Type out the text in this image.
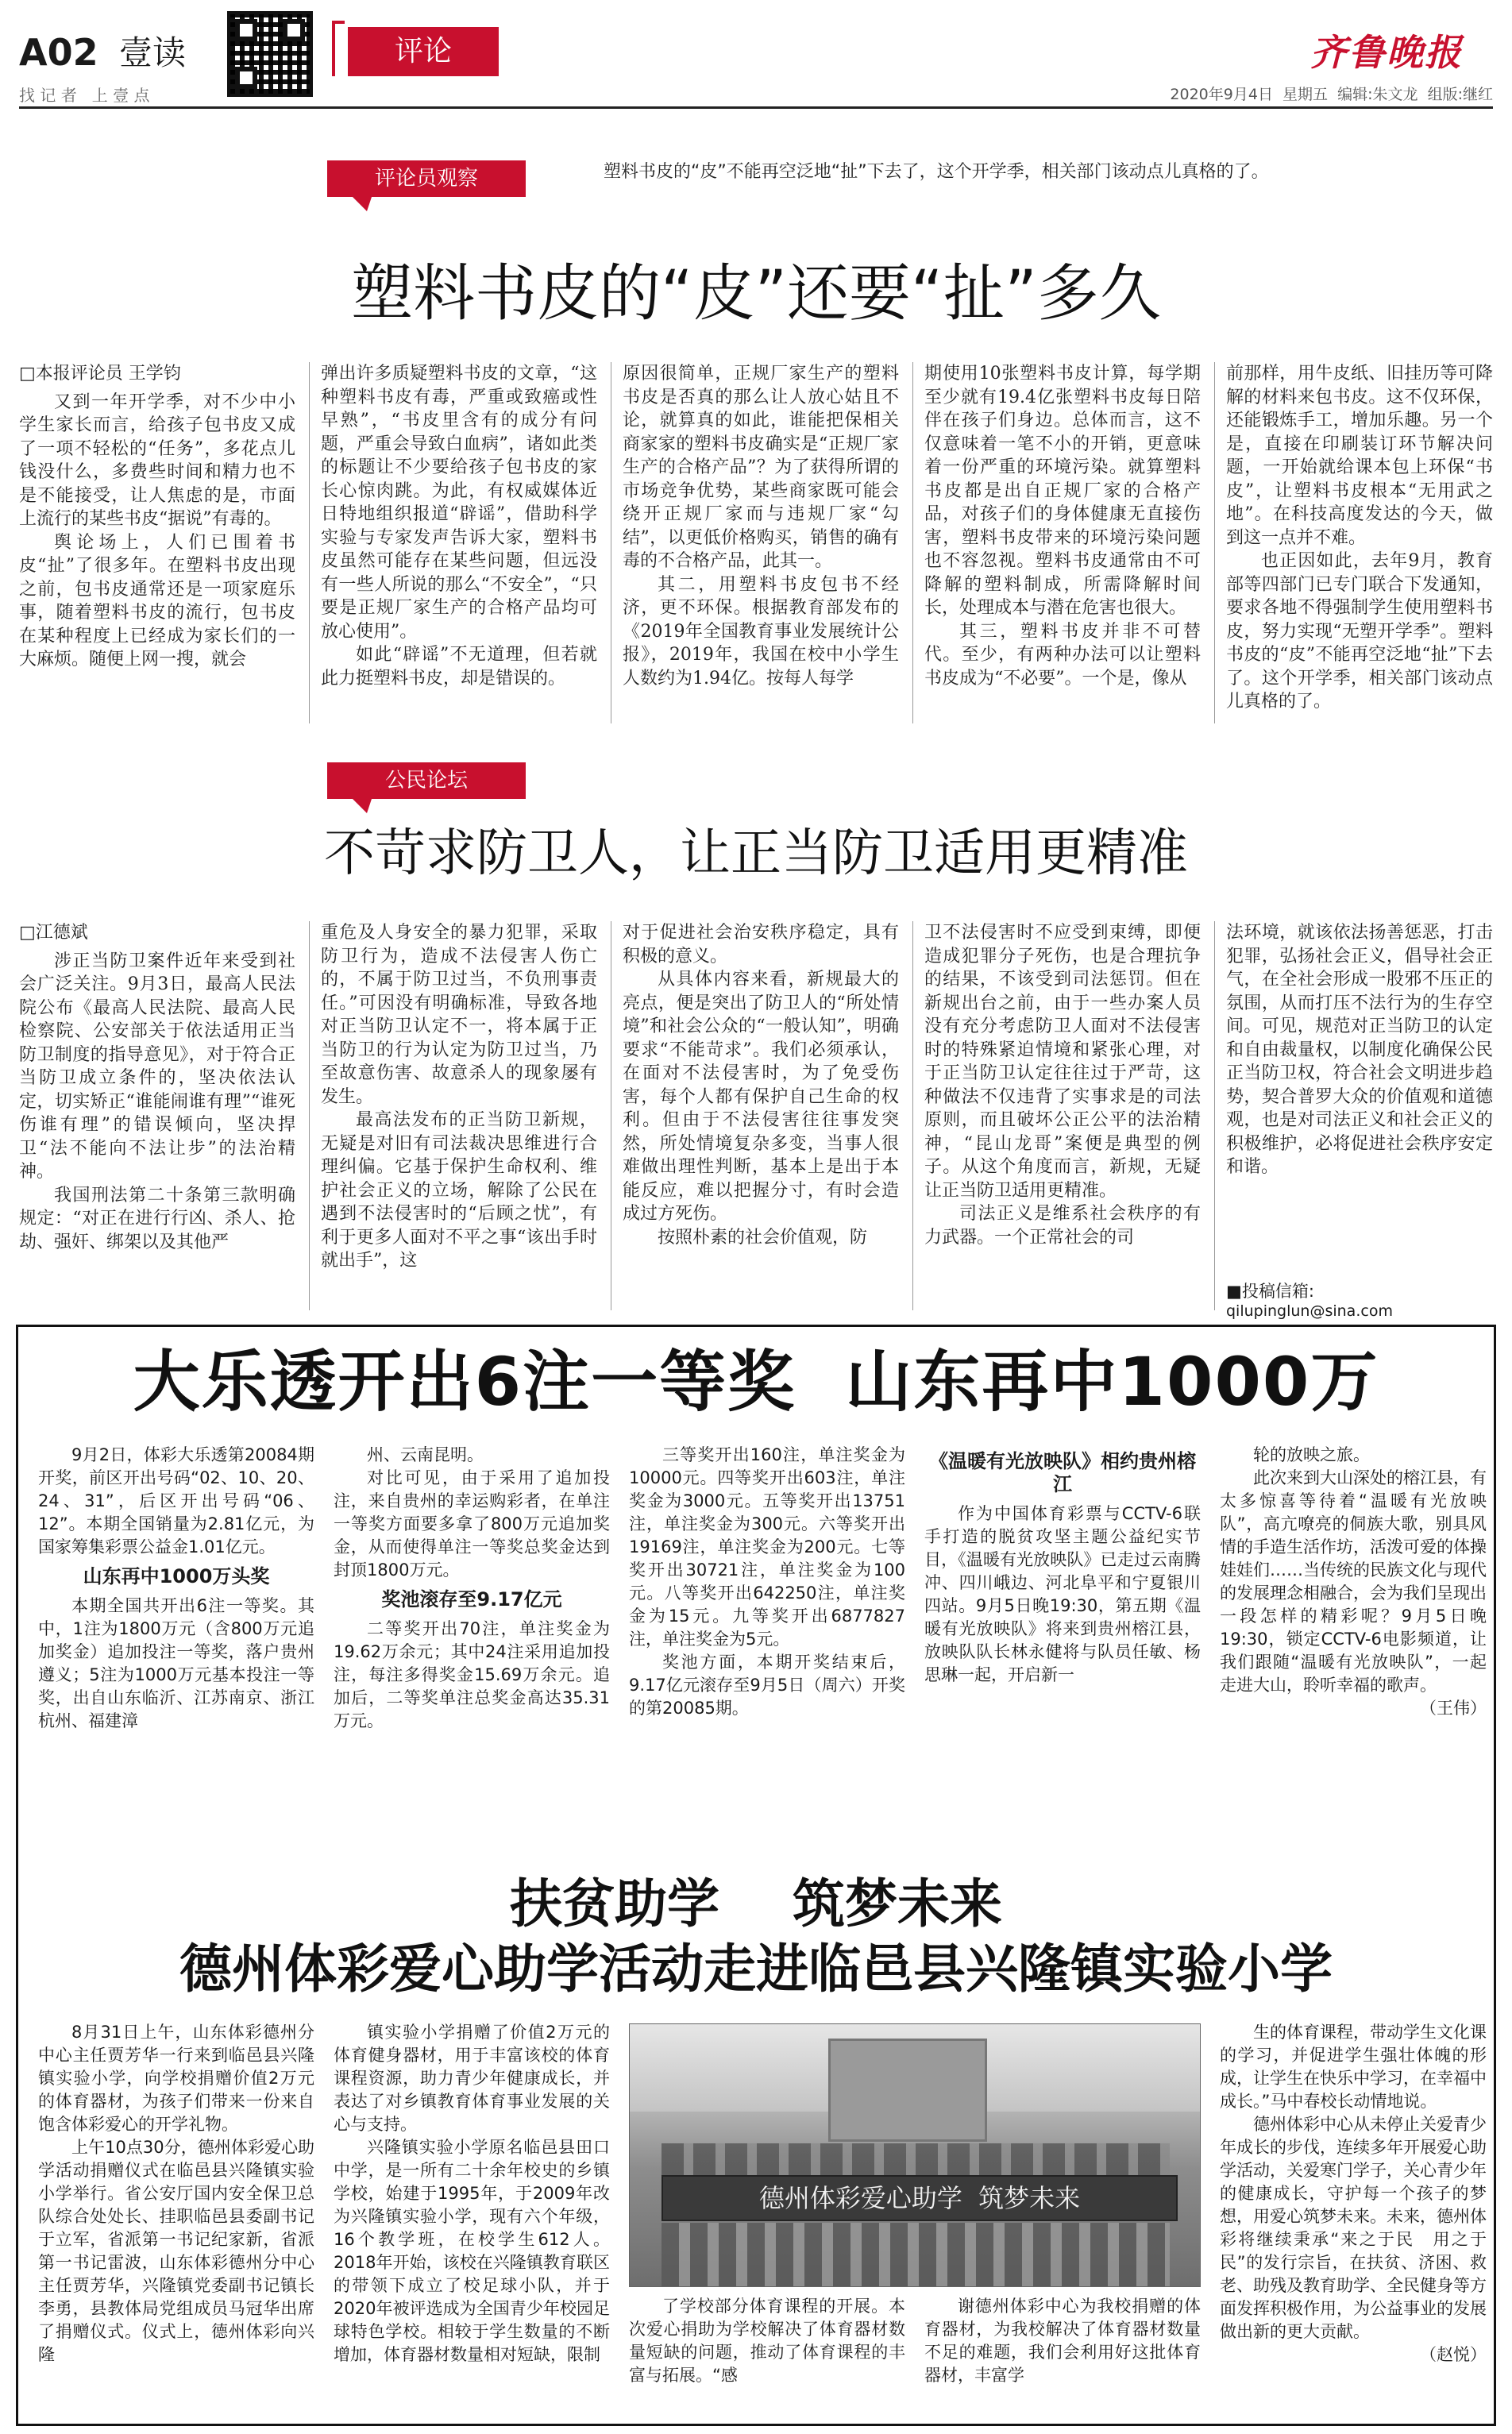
A02 壹读
找 记 者   上 壹 点
评论	齐鲁晚报
2020年9月4日  星期五  编辑:朱文龙  组版:继红
评论员观察	塑料书皮的“皮”不能再空泛地“扯”下去了，这个开学季，相关部门该动点儿真格的了。
塑料书皮的“皮”还要“扯”多久

□本报评论员 王学钧

又到一年开学季，对不少中小学生家长而言，给孩子包书皮又成了一项不轻松的“任务”，多花点儿钱没什么，多费些时间和精力也不是不能接受，让人焦虑的是，市面上流行的某些书皮“据说”有毒的。

舆论场上，人们已围着书皮“扯”了很多年。在塑料书皮出现之前，包书皮通常还是一项家庭乐事，随着塑料书皮的流行，包书皮在某种程度上已经成为家长们的一大麻烦。随便上网一搜，就会

弹出许多质疑塑料书皮的文章，“这种塑料书皮有毒，严重或致癌或性早熟”，“书皮里含有的成分有问题，严重会导致白血病”，诸如此类的标题让不少要给孩子包书皮的家长心惊肉跳。为此，有权威媒体近日特地组织报道“辟谣”，借助科学实验与专家发声告诉大家，塑料书皮虽然可能存在某些问题，但远没有一些人所说的那么“不安全”，“只要是正规厂家生产的合格产品均可放心使用”。

如此“辟谣”不无道理，但若就此力挺塑料书皮，却是错误的。

原因很简单，正规厂家生产的塑料书皮是否真的那么让人放心姑且不论，就算真的如此，谁能把保相关商家家的塑料书皮确实是“正规厂家生产的合格产品”？为了获得所谓的市场竞争优势，某些商家既可能会绕开正规厂家而与违规厂家“勾结”，以更低价格购买，销售的确有毒的不合格产品，此其一。

其二，用塑料书皮包书不经济，更不环保。根据教育部发布的《2019年全国教育事业发展统计公报》，2019年，我国在校中小学生人数约为1.94亿。按每人每学

期使用10张塑料书皮计算，每学期至少就有19.4亿张塑料书皮每日陪伴在孩子们身边。总体而言，这不仅意味着一笔不小的开销，更意味着一份严重的环境污染。就算塑料书皮都是出自正规厂家的合格产品，对孩子们的身体健康无直接伤害，塑料书皮带来的环境污染问题也不容忽视。塑料书皮通常由不可降解的塑料制成，所需降解时间长，处理成本与潜在危害也很大。

其三，塑料书皮并非不可替代。至少，有两种办法可以让塑料书皮成为“不必要”。一个是，像从

前那样，用牛皮纸、旧挂历等可降解的材料来包书皮。这不仅环保，还能锻炼手工，增加乐趣。另一个是，直接在印刷装订环节解决问题，一开始就给课本包上环保“书皮”，让塑料书皮根本“无用武之地”。在科技高度发达的今天，做到这一点并不难。

也正因如此，去年9月，教育部等四部门已专门联合下发通知，要求各地不得强制学生使用塑料书皮，努力实现“无塑开学季”。塑料书皮的“皮”不能再空泛地“扯”下去了。这个开学季，相关部门该动点儿真格的了。

公民论坛
不苛求防卫人，让正当防卫适用更精准

□江德斌

涉正当防卫案件近年来受到社会广泛关注。9月3日，最高人民法院公布《最高人民法院、最高人民检察院、公安部关于依法适用正当防卫制度的指导意见》，对于符合正当防卫成立条件的，坚决依法认定，切实矫正“谁能闹谁有理”“谁死伤谁有理”的错误倾向，坚决捍卫“法不能向不法让步”的法治精神。

我国刑法第二十条第三款明确规定：“对正在进行行凶、杀人、抢劫、强奸、绑架以及其他严

重危及人身安全的暴力犯罪，采取防卫行为，造成不法侵害人伤亡的，不属于防卫过当，不负刑事责任。”可因没有明确标准，导致各地对正当防卫认定不一，将本属于正当防卫的行为认定为防卫过当，乃至故意伤害、故意杀人的现象屡有发生。

最高法发布的正当防卫新规，无疑是对旧有司法裁决思维进行合理纠偏。它基于保护生命权利、维护社会正义的立场，解除了公民在遇到不法侵害时的“后顾之忧”，有利于更多人面对不平之事“该出手时就出手”，这

对于促进社会治安秩序稳定，具有积极的意义。

从具体内容来看，新规最大的亮点，便是突出了防卫人的“所处情境”和社会公众的“一般认知”，明确要求“不能苛求”。我们必须承认，在面对不法侵害时，为了免受伤害，每个人都有保护自己生命的权利。但由于不法侵害往往事发突然，所处情境复杂多变，当事人很难做出理性判断，基本上是出于本能反应，难以把握分寸，有时会造成过方死伤。

按照朴素的社会价值观，防

卫不法侵害时不应受到束缚，即便造成犯罪分子死伤，也是合理抗争的结果，不该受到司法惩罚。但在新规出台之前，由于一些办案人员没有充分考虑防卫人面对不法侵害时的特殊紧迫情境和紧张心理，对于正当防卫认定往往过于严苛，这种做法不仅违背了实事求是的司法原则，而且破坏公正公平的法治精神，“昆山龙哥”案便是典型的例子。从这个角度而言，新规，无疑让正当防卫适用更精准。

司法正义是维系社会秩序的有力武器。一个正常社会的司

法环境，就该依法扬善惩恶，打击犯罪，弘扬社会正义，倡导社会正气，在全社会形成一股邪不压正的氛围，从而打压不法行为的生存空间。可见，规范对正当防卫的认定和自由裁量权，以制度化确保公民正当防卫权，符合社会文明进步趋势，契合普罗大众的价值观和道德观，也是对司法正义和社会正义的积极维护，必将促进社会秩序安定和谐。

■投稿信箱:
qilupinglun@sina.com
大乐透开出6注一等奖  山东再中1000万

9月2日，体彩大乐透第20084期开奖，前区开出号码“02、10、20、24、31”，后区开出号码“06、12”。本期全国销量为2.81亿元，为国家筹集彩票公益金1.01亿元。

山东再中1000万头奖

本期全国共开出6注一等奖。其中，1注为1800万元（含800万元追加奖金）追加投注一等奖，落户贵州遵义；5注为1000万元基本投注一等奖，出自山东临沂、江苏南京、浙江杭州、福建漳

州、云南昆明。

对比可见，由于采用了追加投注，来自贵州的幸运购彩者，在单注一等奖方面要多拿了800万元追加奖金，从而使得单注一等奖总奖金达到封顶1800万元。

奖池滚存至9.17亿元

二等奖开出70注，单注奖金为19.62万余元；其中24注采用追加投注，每注多得奖金15.69万余元。追加后，二等奖单注总奖金高达35.31万元。

三等奖开出160注，单注奖金为10000元。四等奖开出603注，单注奖金为3000元。五等奖开出13751注，单注奖金为300元。六等奖开出19169注，单注奖金为200元。七等奖开出30721注，单注奖金为100元。八等奖开出642250注，单注奖金为15元。九等奖开出6877827注，单注奖金为5元。

奖池方面，本期开奖结束后，9.17亿元滚存至9月5日（周六）开奖的第20085期。

《温暖有光放映队》相约贵州榕江

作为中国体育彩票与CCTV-6联手打造的脱贫攻坚主题公益纪实节目，《温暖有光放映队》已走过云南腾冲、四川峨边、河北阜平和宁夏银川四站。9月5日晚19:30，第五期《温暖有光放映队》将来到贵州榕江县，放映队队长林永健将与队员任敏、杨思琳一起，开启新一

轮的放映之旅。

此次来到大山深处的榕江县，有太多惊喜等待着“温暖有光放映队”，高亢嘹亮的侗族大歌，别具风情的手造生活作坊，活泼可爱的体操娃娃们……当传统的民族文化与现代的发展理念相融合，会为我们呈现出一段怎样的精彩呢？9月5日晚19:30，锁定CCTV-6电影频道，让我们跟随“温暖有光放映队”，一起走进大山，聆听幸福的歌声。

（王伟）

扶贫助学    筑梦未来
德州体彩爱心助学活动走进临邑县兴隆镇实验小学

8月31日上午，山东体彩德州分中心主任贾芳华一行来到临邑县兴隆镇实验小学，向学校捐赠价值2万元的体育器材，为孩子们带来一份来自饱含体彩爱心的开学礼物。

上午10点30分，德州体彩爱心助学活动捐赠仪式在临邑县兴隆镇实验小学举行。省公安厅国内安全保卫总队综合处处长、挂职临邑县委副书记于立军，省派第一书记纪家新，省派第一书记雷波，山东体彩德州分中心主任贾芳华，兴隆镇党委副书记镇长李勇，县教体局党组成员马冠华出席了捐赠仪式。仪式上，德州体彩向兴隆

镇实验小学捐赠了价值2万元的体育健身器材，用于丰富该校的体育课程资源，助力青少年健康成长，并表达了对乡镇教育体育事业发展的关心与支持。

兴隆镇实验小学原名临邑县田口中学，是一所有二十余年校史的乡镇学校，始建于1995年，于2009年改为兴隆镇实验小学，现有六个年级，16个教学班，在校学生612人。2018年开始，该校在兴隆镇教育联区的带领下成立了校足球小队，并于2020年被评选成为全国青少年校园足球特色学校。相较于学生数量的不断增加，体育器材数量相对短缺，限制

德州体彩爱心助学  筑梦未来

了学校部分体育课程的开展。本次爱心捐助为学校解决了体育器材数量短缺的问题，推动了体育课程的丰富与拓展。“感

谢德州体彩中心为我校捐赠的体育器材，为我校解决了体育器材数量不足的难题，我们会利用好这批体育器材，丰富学

生的体育课程，带动学生文化课的学习，并促进学生强壮体魄的形成，让学生在快乐中学习，在幸福中成长。”马中春校长动情地说。

德州体彩中心从未停止关爱青少年成长的步伐，连续多年开展爱心助学活动，关爱寒门学子，关心青少年的健康成长，守护每一个孩子的梦想，用爱心筑梦未来。未来，德州体彩将继续秉承“来之于民　用之于民”的发行宗旨，在扶贫、济困、救老、助残及教育助学、全民健身等方面发挥积极作用，为公益事业的发展做出新的更大贡献。

（赵悦）
